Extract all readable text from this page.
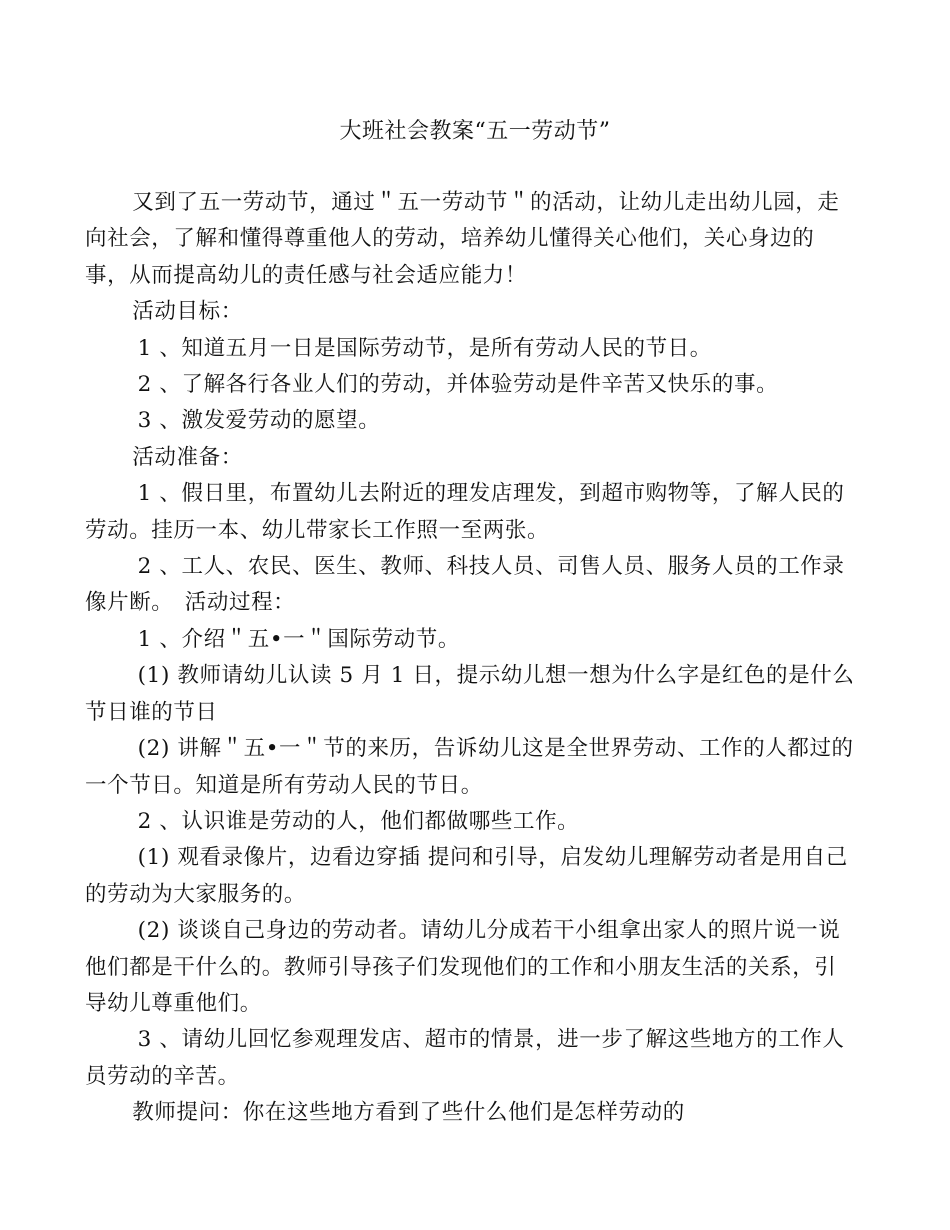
大班社会教案“五一劳动节”

又到了五一劳动节，通过＂五一劳动节＂的活动，让幼儿走出幼儿园，走向社会，了解和懂得尊重他人的劳动，培养幼儿懂得关心他们，关心身边的事，从而提高幼儿的责任感与社会适应能力！

活动目标：

1 、知道五月一日是国际劳动节，是所有劳动人民的节日。

2 、了解各行各业人们的劳动，并体验劳动是件辛苦又快乐的事。

3 、激发爱劳动的愿望。

活动准备：

1 、假日里，布置幼儿去附近的理发店理发，到超市购物等，了解人民的劳动。挂历一本、幼儿带家长工作照一至两张。

2 、工人、农民、医生、教师、科技人员、司售人员、服务人员的工作录像片断。　 活动过程：

1 、介绍＂五•一＂国际劳动节。

(1) 教师请幼儿认读 5 月 1 日，提示幼儿想一想为什么字是红色的是什么节日谁的节日

(2) 讲解＂五•一＂节的来历，告诉幼儿这是全世界劳动、工作的人都过的一个节日。知道是所有劳动人民的节日。

2 、认识谁是劳动的人，他们都做哪些工作。

(1) 观看录像片，边看边穿插 提问和引导，启发幼儿理解劳动者是用自己的劳动为大家服务的。

(2) 谈谈自己身边的劳动者。请幼儿分成若干小组拿出家人的照片说一说他们都是干什么的。教师引导孩子们发现他们的工作和小朋友生活的关系，引导幼儿尊重他们。

3 、请幼儿回忆参观理发店、超市的情景，进一步了解这些地方的工作人员劳动的辛苦。

教师提问：你在这些地方看到了些什么他们是怎样劳动的
